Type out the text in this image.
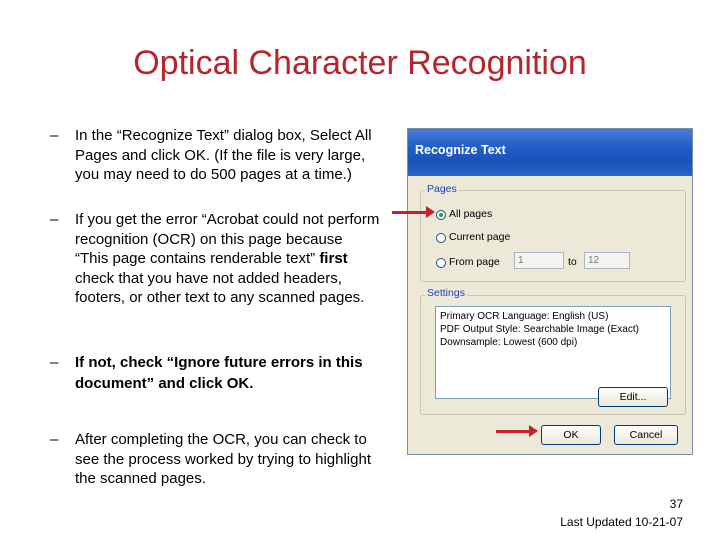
Optical Character Recognition
– In the “Recognize Text” dialog box, Select All Pages and click OK. (If the file is very large, you may need to do 500 pages at a time.)
– If you get the error “Acrobat could not perform recognition (OCR) on this page because “This page contains renderable text” first check that you have not added headers, footers, or other text to any scanned pages.
– If not, check “Ignore future errors in this document” and click OK.
– After completing the OCR, you can check to see the process worked by trying to highlight the scanned pages.
Recognize Text
Pages
All pages
Current page
From page	1	to	12
Settings
Primary OCR Language: English (US)
PDF Output Style: Searchable Image (Exact)
Downsample: Lowest (600 dpi)
Edit...
OK	Cancel
37
Last Updated 10-21-07
